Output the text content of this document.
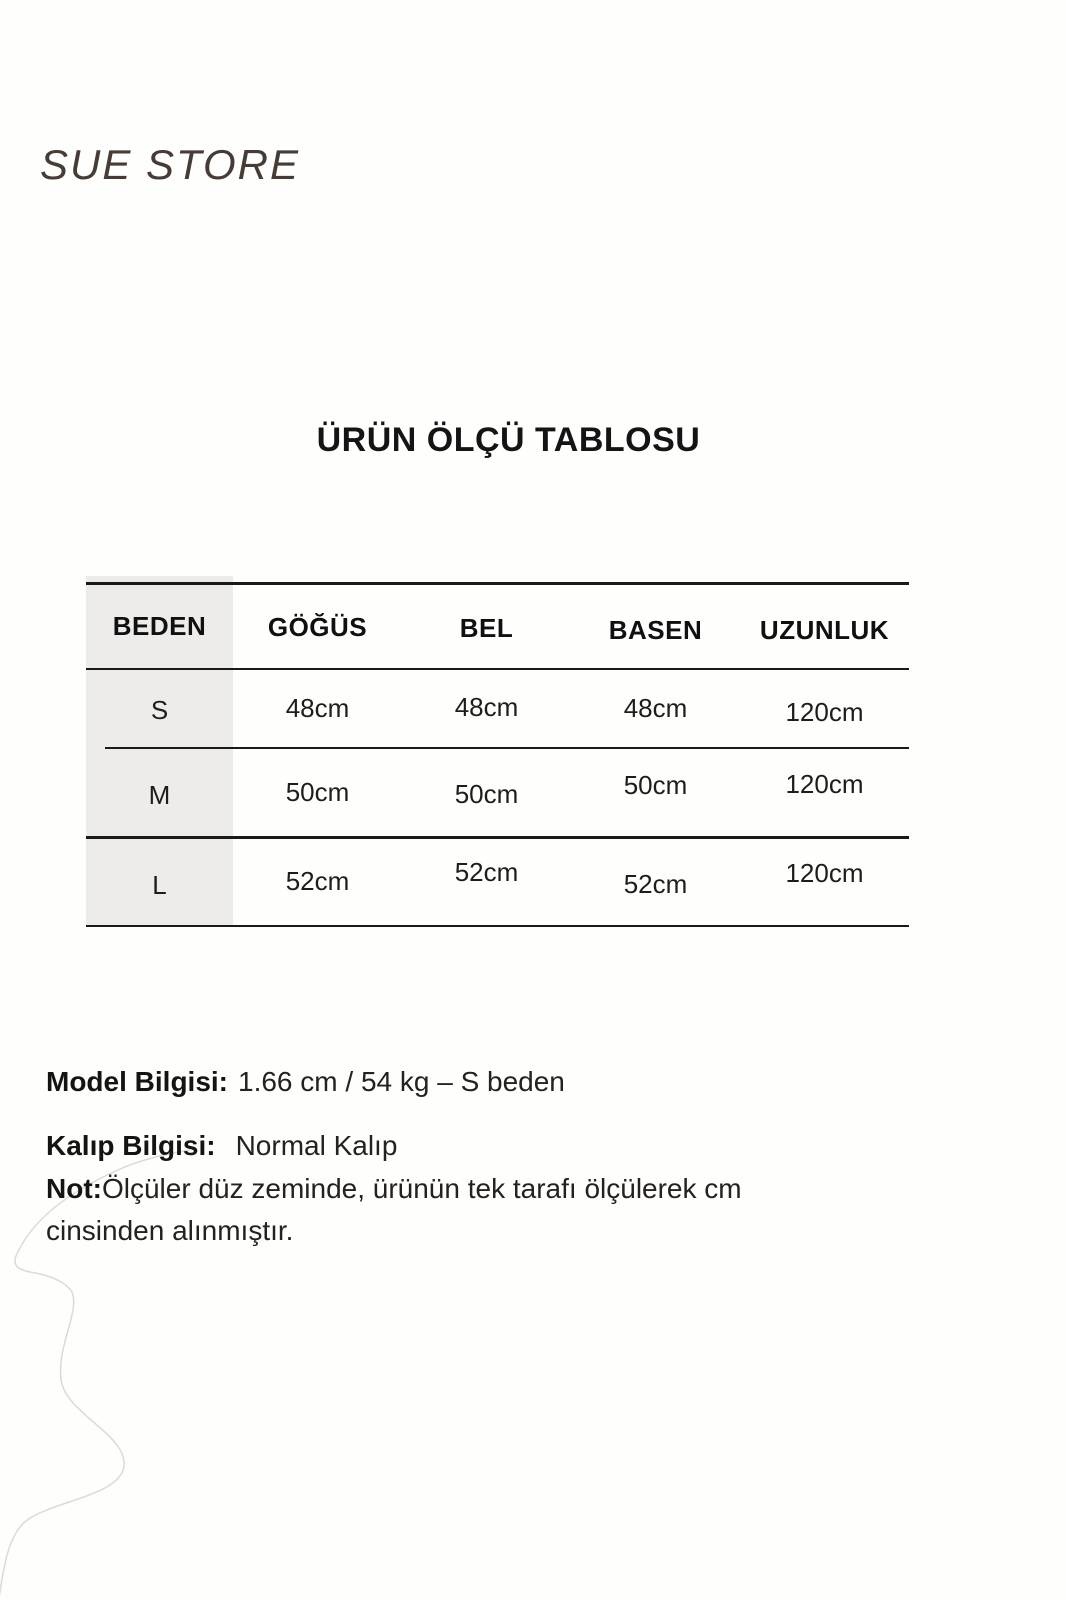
SUE STORE
ÜRÜN ÖLÇÜ TABLOSU
BEDEN	GÖĞÜS	BEL	BASEN	UZUNLUK
S	48cm	48cm	48cm	120cm
M	50cm	50cm	50cm	120cm
L	52cm	52cm	52cm	120cm

Model Bilgisi: 1.66 cm / 54 kg – S beden

Kalıp Bilgisi: Normal Kalıp

Not:Ölçüler düz zeminde, ürünün tek tarafı ölçülerek cm cinsinden alınmıştır.
